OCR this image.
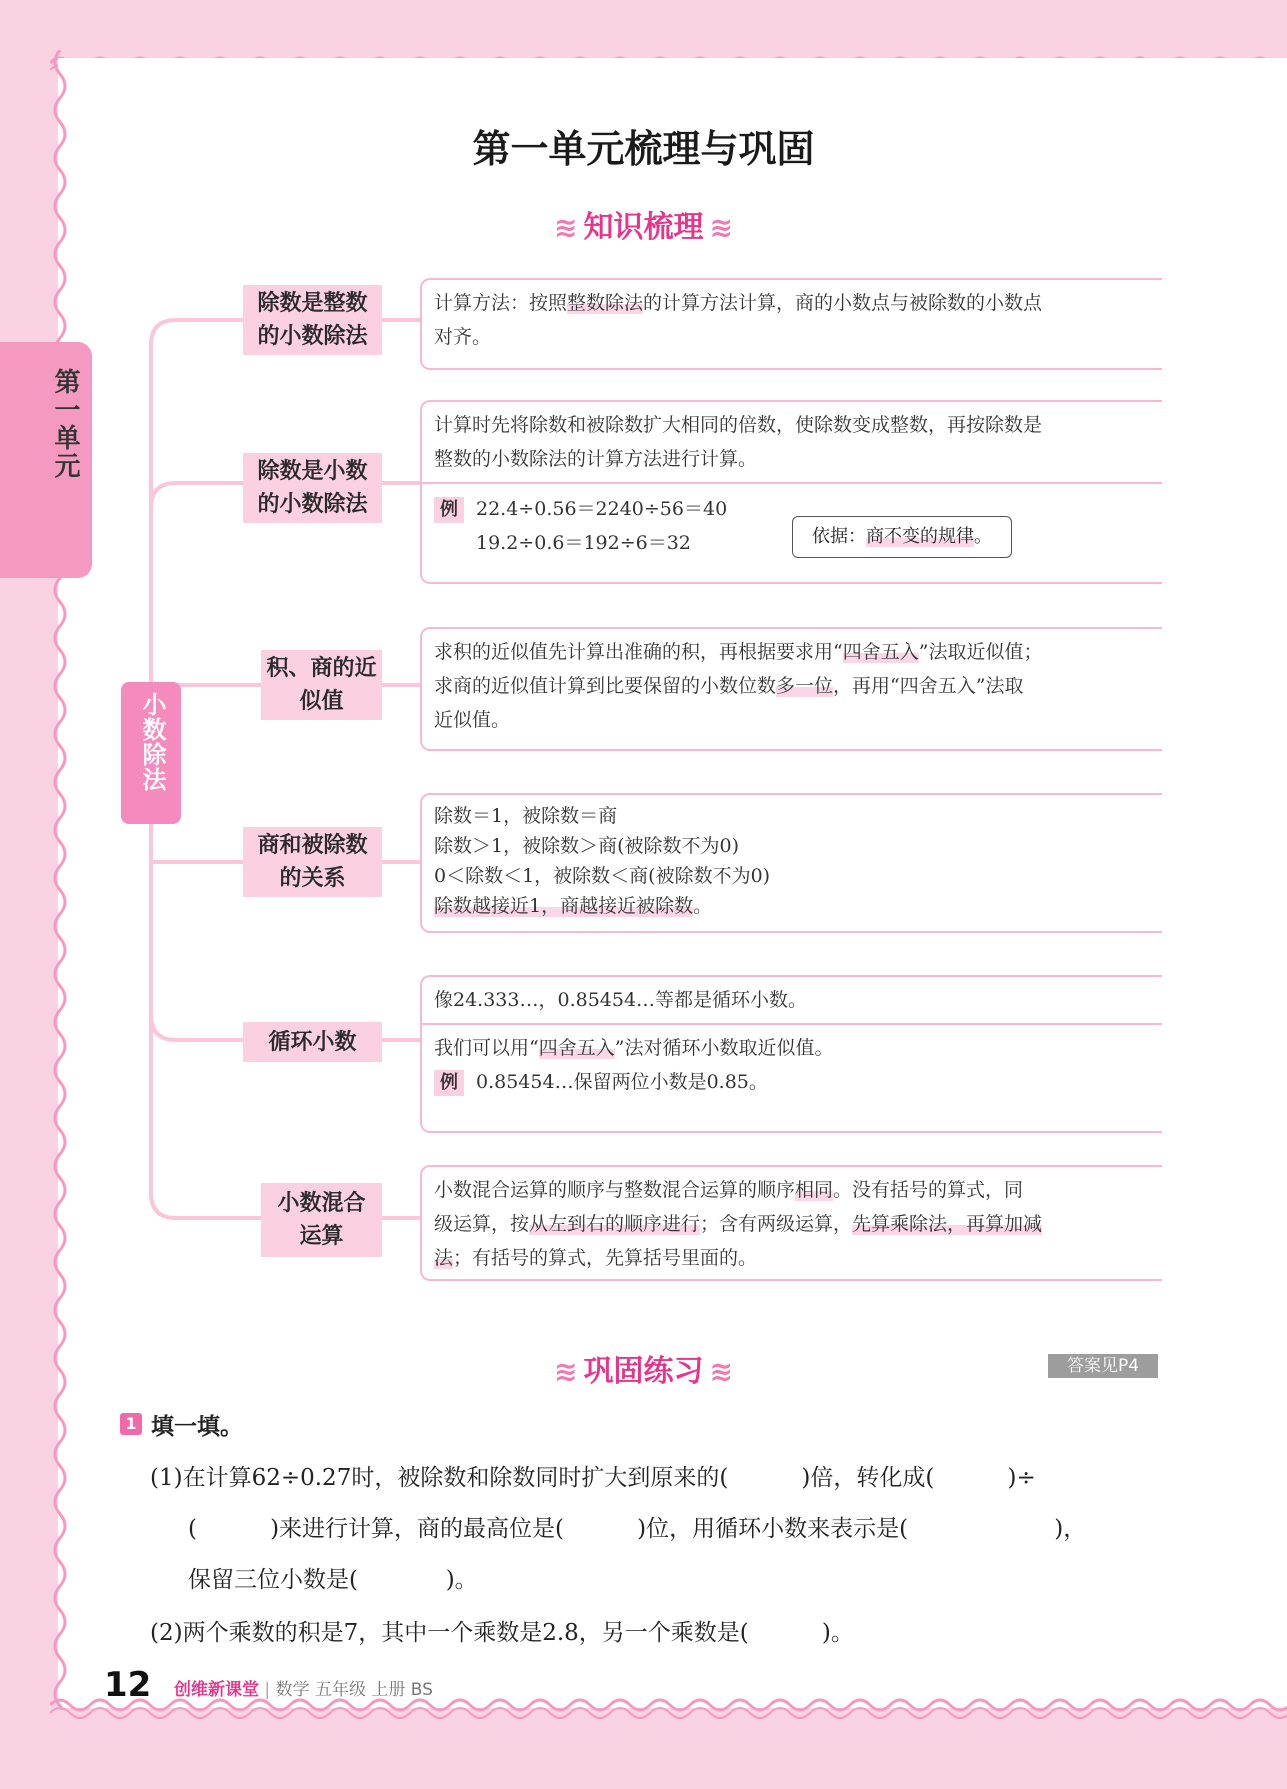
第一单元
第一单元梳理与巩固
≋ 知识梳理 ≋
小数除法
除数是整数
的小数除法
除数是小数
的小数除法
积、商的近
似值
商和被除数
的关系
循环小数
小数混合
运算
计算方法：按照整数除法的计算方法计算，商的小数点与被除数的小数点
对齐。
计算时先将除数和被除数扩大相同的倍数，使除数变成整数，再按除数是
整数的小数除法的计算方法进行计算。
例 22.4÷0.56＝2240÷56＝40
19.2÷0.6＝192÷6＝32	依据：商不变的规律。
求积的近似值先计算出准确的积，再根据要求用“四舍五入”法取近似值；
求商的近似值计算到比要保留的小数位数多一位，再用“四舍五入”法取
近似值。
除数＝1，被除数＝商
除数＞1，被除数＞商(被除数不为0)
0＜除数＜1，被除数＜商(被除数不为0)
除数越接近1，商越接近被除数。
像24.333…，0.85454…等都是循环小数。
我们可以用“四舍五入”法对循环小数取近似值。
例 0.85454…保留两位小数是0.85。
小数混合运算的顺序与整数混合运算的顺序相同。没有括号的算式，同
级运算，按从左到右的顺序进行；含有两级运算，先算乘除法，再算加减
法；有括号的算式，先算括号里面的。
≋ 巩固练习 ≋	答案见P4
1 填一填。
(1)在计算62÷0.27时，被除数和除数同时扩大到原来的(          )倍，转化成(          )÷
(          )来进行计算，商的最高位是(          )位，用循环小数来表示是(                    )，
保留三位小数是(            )。
(2)两个乘数的积是7，其中一个乘数是2.8，另一个乘数是(          )。
12 创维新课堂 | 数学 五年级 上册 BS
